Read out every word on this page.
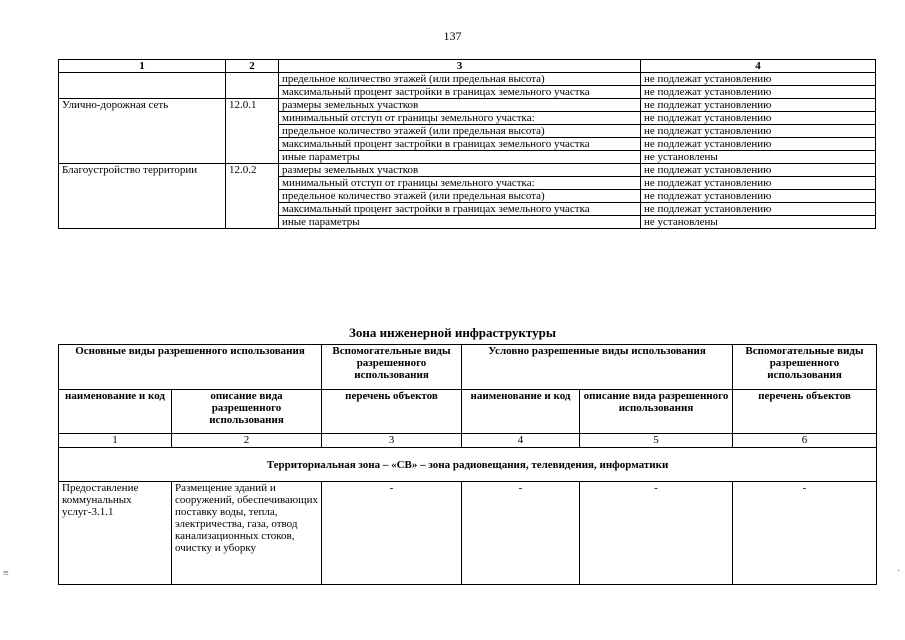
137
1	2	3	4
		предельное количество этажей (или предельная высота)	не подлежат установлению
		максимальный процент застройки в границах земельного участка	не подлежат установлению
Улично-дорожная сеть	12.0.1	размеры земельных участков	не подлежат установлению
		минимальный отступ от границы земельного участка:	не подлежат установлению
		предельное количество этажей (или предельная высота)	не подлежат установлению
		максимальный процент застройки в границах земельного участка	не подлежат установлению
		иные параметры	не установлены
Благоустройство территории	12.0.2	размеры земельных участков	не подлежат установлению
		минимальный отступ от границы земельного участка:	не подлежат установлению
		предельное количество этажей (или предельная высота)	не подлежат установлению
		максимальный процент застройки в границах земельного участка	не подлежат установлению
		иные параметры	не установлены
Зона инженерной инфраструктуры
Основные виды разрешенного использования		Вспомогательные виды разрешенного использования	Условно разрешенные виды использования		Вспомогательные виды разрешенного использования
наименование и код	описание вида разрешенного использования	перечень объектов	наименование и код	описание вида разрешенного использования	перечень объектов
1	2	3	4	5	6
Территориальная зона – «СВ» – зона радиовещания, телевидения, информатики					
Предоставление коммунальных услуг-3.1.1	Размещение зданий и сооружений, обеспечивающих поставку воды, тепла, электричества, газа, отвод канализационных стоков, очистку и уборку	-	-	-	-
≡	·
